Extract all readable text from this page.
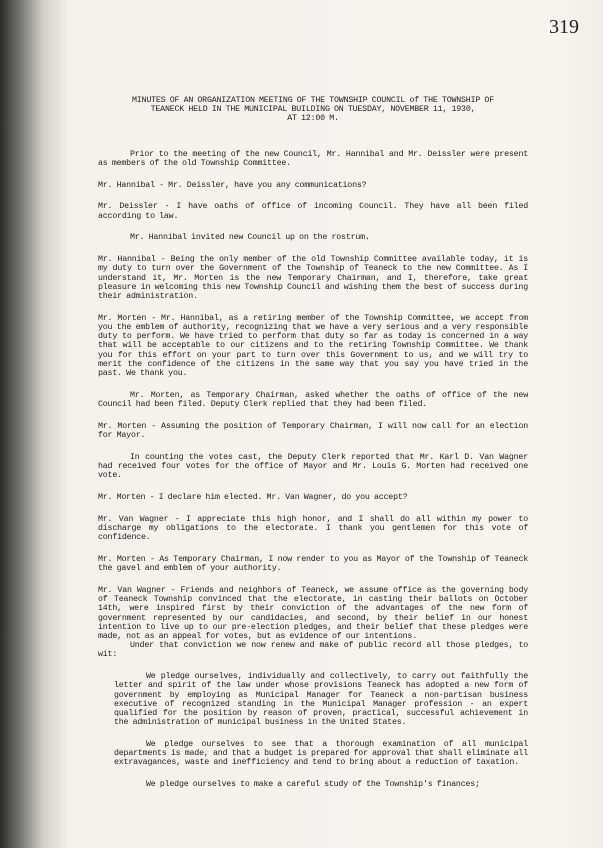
319
MINUTES OF AN ORGANIZATION MEETING OF THE TOWNSHIP COUNCIL of THE TOWNSHIP OF
TEANECK HELD IN THE MUNICIPAL BUILDING ON TUESDAY, NOVEMBER 11, 1930,
AT 12:00 M.

Prior to the meeting of the new Council, Mr. Hannibal and Mr. Deissler were present as members of the old Township Committee.

Mr. Hannibal - Mr. Deissler, have you any communications?

Mr. Deissler - I have oaths of office of incoming Council. They have all been filed according to law.

Mr. Hannibal invited new Council up on the rostrum.

Mr. Hannibal - Being the only member of the old Township Committee available today, it is my duty to turn over the Government of the Township of Teaneck to the new Committee. As I understand it, Mr. Morten is the new Temporary Chairman, and I, therefore, take great pleasure in welcoming this new Township Council and wishing them the best of success during their administration.

Mr. Morten - Mr. Hannibal, as a retiring member of the Township Committee, we accept from you the emblem of authority, recognizing that we have a very serious and a very responsible duty to perform. We have tried to perform that duty so far as today is concerned in a way that will be acceptable to our citizens and to the retiring Township Committee. We thank you for this effort on your part to turn over this Government to us, and we will try to merit the confidence of the citizens in the same way that you say you have tried in the past. We thank you.

Mr. Morten, as Temporary Chairman, asked whether the oaths of office of the new Council had been filed. Deputy Clerk replied that they had been filed.

Mr. Morten - Assuming the position of Temporary Chairman, I will now call for an election for Mayor.

In counting the votes cast, the Deputy Clerk reported that Mr. Karl D. Van Wagner had received four votes for the office of Mayor and Mr. Louis G. Morten had received one vote.

Mr. Morten - I declare him elected. Mr. Van Wagner, do you accept?

Mr. Van Wagner - I appreciate this high honor, and I shall do all within my power to discharge my obligations to the electorate. I thank you gentlemen for this vote of confidence.

Mr. Morten - As Temporary Chairman, I now render to you as Mayor of the Township of Teaneck the gavel and emblem of your authority.

Mr. Van Wagner - Friends and neighbors of Teaneck, we assume office as the governing body of Teaneck Township convinced that the electorate, in casting their ballots on October 14th, were inspired first by their conviction of the advantages of the new form of government represented by our candidacies, and second, by their belief in our honest intention to live up to our pre-election pledges, and their belief that these pledges were made, not as an appeal for votes, but as evidence of our intentions.

Under that conviction we now renew and make of public record all those pledges, to wit:

We pledge ourselves, individually and collectively, to carry out faithfully the letter and spirit of the law under whose provisions Teaneck has adopted a new form of government by employing as Municipal Manager for Teaneck a non-partisan business executive of recognized standing in the Municipal Manager profession - an expert qualified for the position by reason of proven, practical, successful achievement in the administration of municipal business in the United States.

We pledge ourselves to see that a thorough examination of all municipal departments is made, and that a budget is prepared for approval that shall eliminate all extravagances, waste and inefficiency and tend to bring about a reduction of taxation.

We pledge ourselves to make a careful study of the Township's finances;
